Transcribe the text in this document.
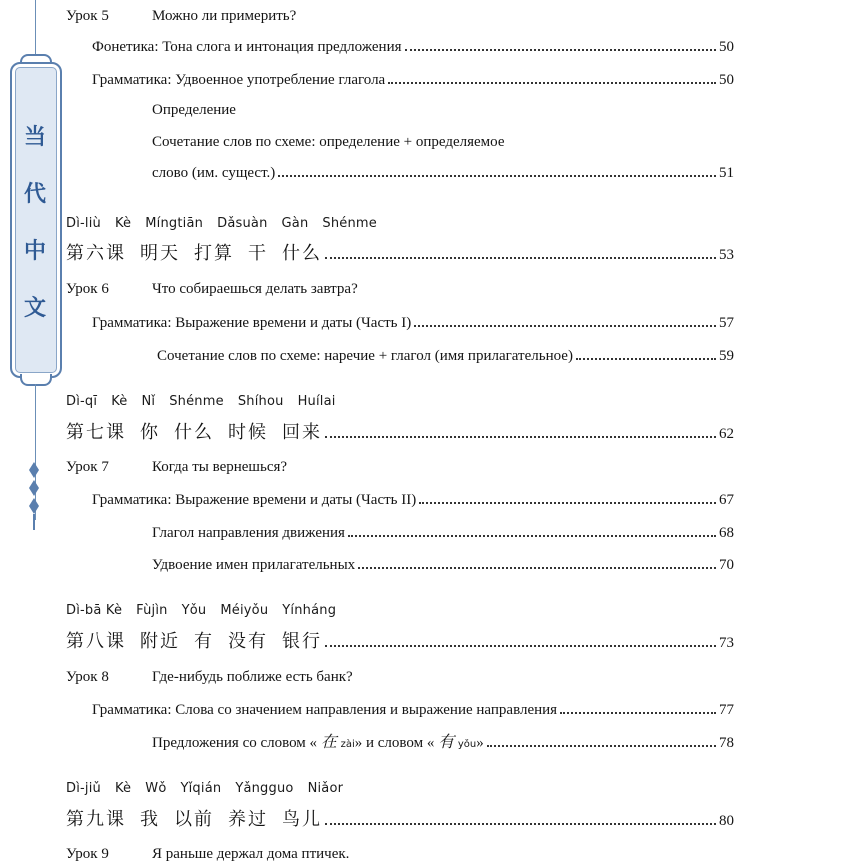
当
代
中
文
Урок 5	Можно ли примерить?
Фонетика: Тона слога и интонация предложения	50
Грамматика: Удвоенное употребление глагола	50
Определение
Сочетание слов по схеме: определение + определяемое
слово (им. сущест.)	51
Dì-liù Kè Míngtiān Dǎsuàn Gàn Shénme
第六课 明天 打算 干 什么	53
Урок 6	Что собираешься делать завтра?
Грамматика: Выражение времени и даты (Часть I)	57
Сочетание слов по схеме: наречие + глагол (имя прилагательное)	59
Dì-qī Kè Nǐ Shénme Shíhou Huílai
第七课 你 什么 时候 回来	62
Урок 7	Когда ты вернешься?
Грамматика: Выражение времени и даты (Часть II)	67
Глагол направления движения	68
Удвоение имен прилагательных	70
Dì-bā Kè Fùjìn Yǒu Méiyǒu Yínháng
第八课 附近 有 没有 银行	73
Урок 8	Где-нибудь поближе есть банк?
Грамматика: Слова со значением направления и выражение направления	77
Предложения со словом « 在 zài» и словом « 有 yǒu»	78
Dì-jiǔ Kè Wǒ Yǐqián Yǎngguo Niǎor
第九课 我 以前 养过 鸟儿	80
Урок 9	Я раньше держал дома птичек.
